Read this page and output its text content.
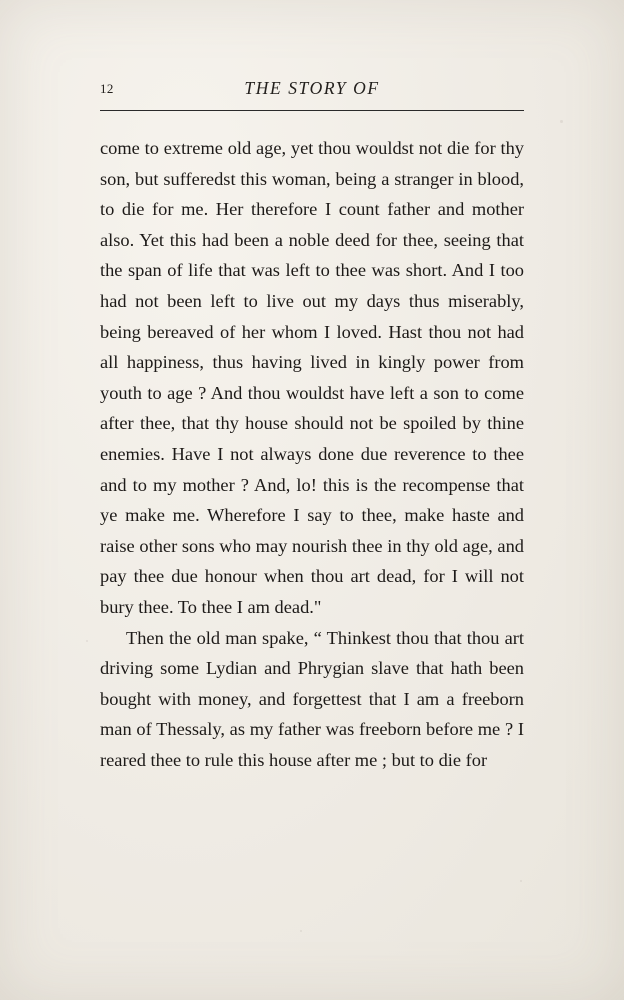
12	THE STORY OF

come to extreme old age, yet thou wouldst not die for thy son, but sufferedst this woman, being a stranger in blood, to die for me. Her therefore I count father and mother also. Yet this had been a noble deed for thee, seeing that the span of life that was left to thee was short. And I too had not been left to live out my days thus miserably, being bereaved of her whom I loved. Hast thou not had all happiness, thus having lived in kingly power from youth to age ? And thou wouldst have left a son to come after thee, that thy house should not be spoiled by thine enemies. Have I not always done due reverence to thee and to my mother ? And, lo! this is the recompense that ye make me. Wherefore I say to thee, make haste and raise other sons who may nourish thee in thy old age, and pay thee due honour when thou art dead, for I will not bury thee. To thee I am dead."

Then the old man spake, “ Thinkest thou that thou art driving some Lydian and Phrygian slave that hath been bought with money, and forgettest that I am a freeborn man of Thessaly, as my father was freeborn before me ? I reared thee to rule this house after me ; but to die for
